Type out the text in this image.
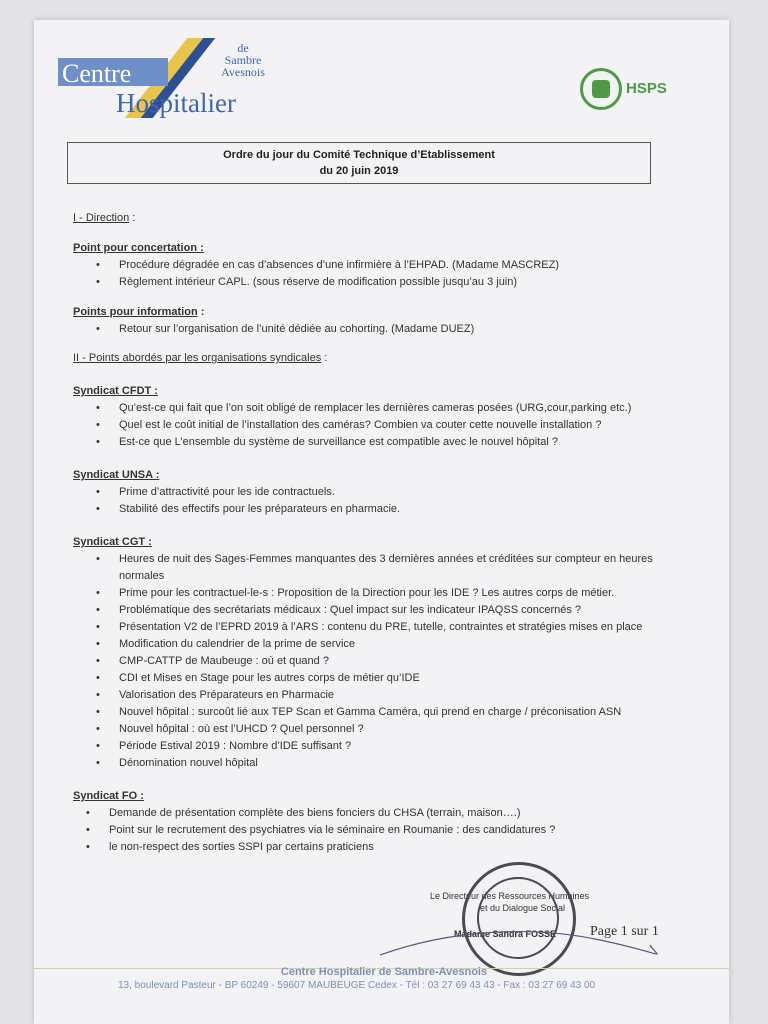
Centre
Hospitalier
de
Sambre
Avesnois
HSPS
Ordre du jour du Comité Technique d’Etablissement
du 20 juin 2019
I - Direction :
Point pour concertation :
• Procédure dégradée en cas d’absences d’une infirmière à l’EHPAD. (Madame MASCREZ)
• Règlement intérieur CAPL. (sous réserve de modification possible jusqu’au 3 juin)
Points pour information :
• Retour sur l’organisation de l’unité dédiée au cohorting. (Madame DUEZ)
II - Points abordés par les organisations syndicales :
Syndicat CFDT :
• Qu’est-ce qui fait que l’on soit obligé de remplacer les dernières cameras posées (URG,cour,parking etc.)
• Quel est le coût initial de l’installation des caméras? Combien va couter cette nouvelle installation ?
• Est-ce que L’ensemble du système de surveillance est compatible avec le nouvel hôpital ?
Syndicat UNSA :
• Prime d’attractivité pour les ide contractuels.
• Stabilité des effectifs pour les préparateurs en pharmacie.
Syndicat CGT :
• Heures de nuit des Sages-Femmes manquantes des 3 dernières années et créditées sur compteur en heures normales
• Prime pour les contractuel-le-s : Proposition de la Direction pour les IDE ? Les autres corps de métier.
• Problématique des secrétariats médicaux : Quel impact sur les indicateur IPAQSS concernés ?
• Présentation V2 de l’EPRD 2019 à l’ARS : contenu du PRE, tutelle, contraintes et stratégies mises en place
• Modification du calendrier de la prime de service
• CMP-CATTP de Maubeuge : où et quand ?
• CDI et Mises en Stage pour les autres corps de métier qu’IDE
• Valorisation des Préparateurs en Pharmacie
• Nouvel hôpital : surcoût lié aux TEP Scan et Gamma Caméra, qui prend en charge / préconisation ASN
• Nouvel hôpital : où est l’UHCD ? Quel personnel ?
• Période Estival 2019 : Nombre d’IDE suffisant ?
• Dénomination nouvel hôpital
Syndicat FO :
• Demande de présentation complète des biens fonciers du CHSA (terrain, maison….)
• Point sur le recrutement des psychiatres via le séminaire en Roumanie : des candidatures ?
• le non-respect des sorties SSPI par certains praticiens
Le Directeur des Ressources Humaines
et du Dialogue Social
Madame Sandra FOSSE	Page 1 sur 1
Centre Hospitalier de Sambre-Avesnois
13, boulevard Pasteur - BP 60249 - 59607 MAUBEUGE Cedex - Tél : 03 27 69 43 43 - Fax : 03 27 69 43 00
